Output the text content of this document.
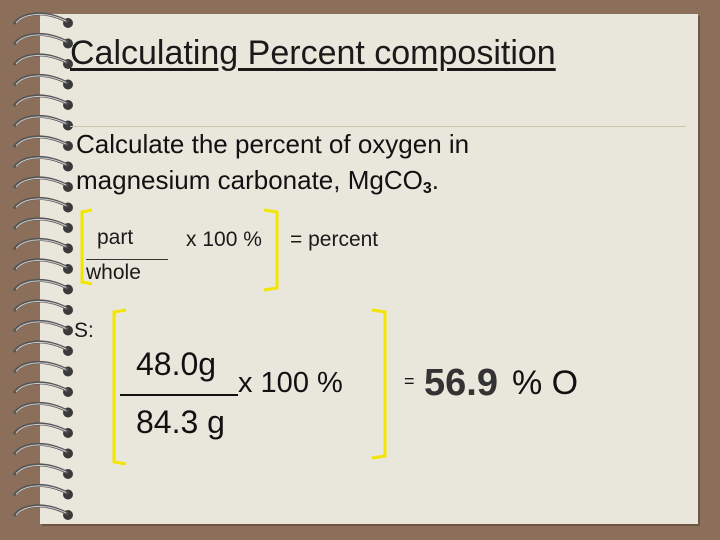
Calculating Percent composition
Calculate the percent of oxygen in
magnesium carbonate, MgCO$_3$.
part
whole
x 100 % = percent
S:
48.0g
84.3 g
x 100 %	= 56.9 % O
